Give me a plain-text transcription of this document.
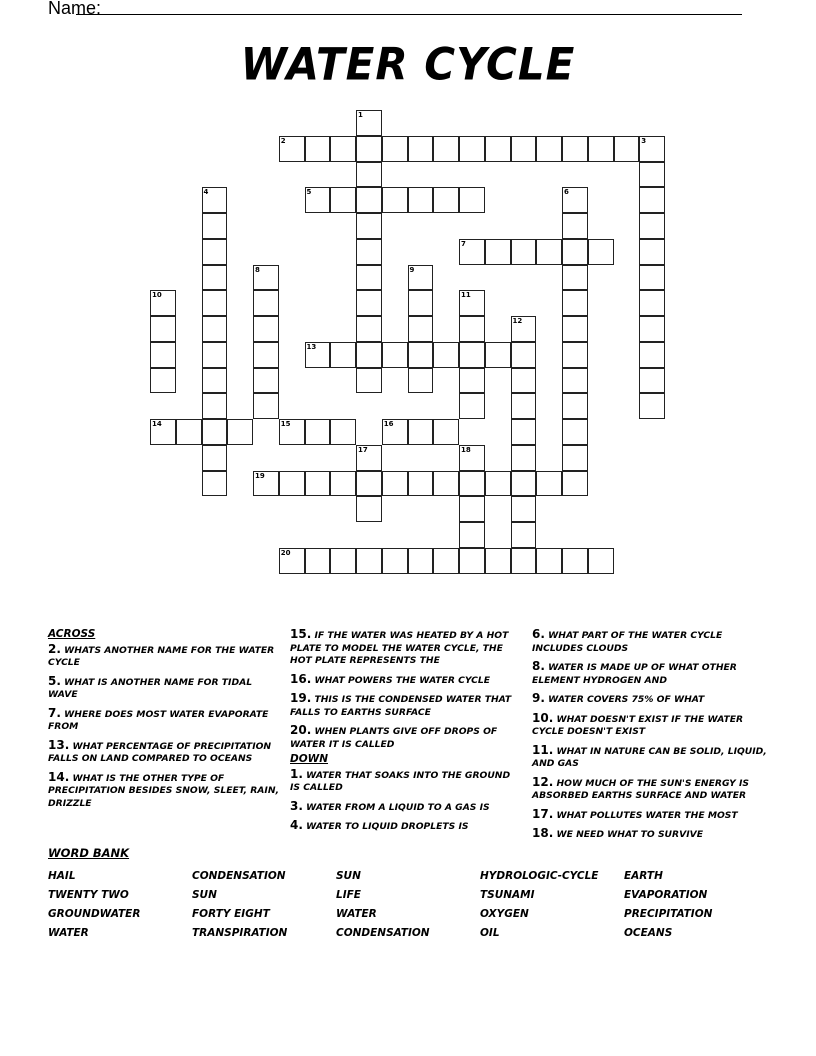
Name:
WATER CYCLE
1
2	3
4	5	6
7
8	9
10	11
12
13
14	15	16
17	18
19
20
ACROSS
2. WHATS ANOTHER NAME FOR THE WATER CYCLE
5. WHAT IS ANOTHER NAME FOR TIDAL WAVE
7. WHERE DOES MOST WATER EVAPORATE FROM
13. WHAT PERCENTAGE OF PRECIPITATION FALLS ON LAND COMPARED TO OCEANS
14. WHAT IS THE OTHER TYPE OF PRECIPITATION BESIDES SNOW, SLEET, RAIN, DRIZZLE
15. IF THE WATER WAS HEATED BY A HOT PLATE TO MODEL THE WATER CYCLE, THE HOT PLATE REPRESENTS THE
16. WHAT POWERS THE WATER CYCLE
19. THIS IS THE CONDENSED WATER THAT FALLS TO EARTHS SURFACE
20. WHEN PLANTS GIVE OFF DROPS OF WATER IT IS CALLED
DOWN
1. WATER THAT SOAKS INTO THE GROUND IS CALLED
3. WATER FROM A LIQUID TO A GAS IS
4. WATER TO LIQUID DROPLETS IS
6. WHAT PART OF THE WATER CYCLE INCLUDES CLOUDS
8. WATER IS MADE UP OF WHAT OTHER ELEMENT HYDROGEN AND
9. WATER COVERS 75% OF WHAT
10. WHAT DOESN'T EXIST IF THE WATER CYCLE DOESN'T EXIST
11. WHAT IN NATURE CAN BE SOLID, LIQUID, AND GAS
12. HOW MUCH OF THE SUN'S ENERGY IS ABSORBED EARTHS SURFACE AND WATER
17. WHAT POLLUTES WATER THE MOST
18. WE NEED WHAT TO SURVIVE
WORD BANK
HAIL	CONDENSATION	SUN	HYDROLOGIC-CYCLE	EARTH
TWENTY TWO	SUN	LIFE	TSUNAMI	EVAPORATION
GROUNDWATER	FORTY EIGHT	WATER	OXYGEN	PRECIPITATION
WATER	TRANSPIRATION	CONDENSATION	OIL	OCEANS
